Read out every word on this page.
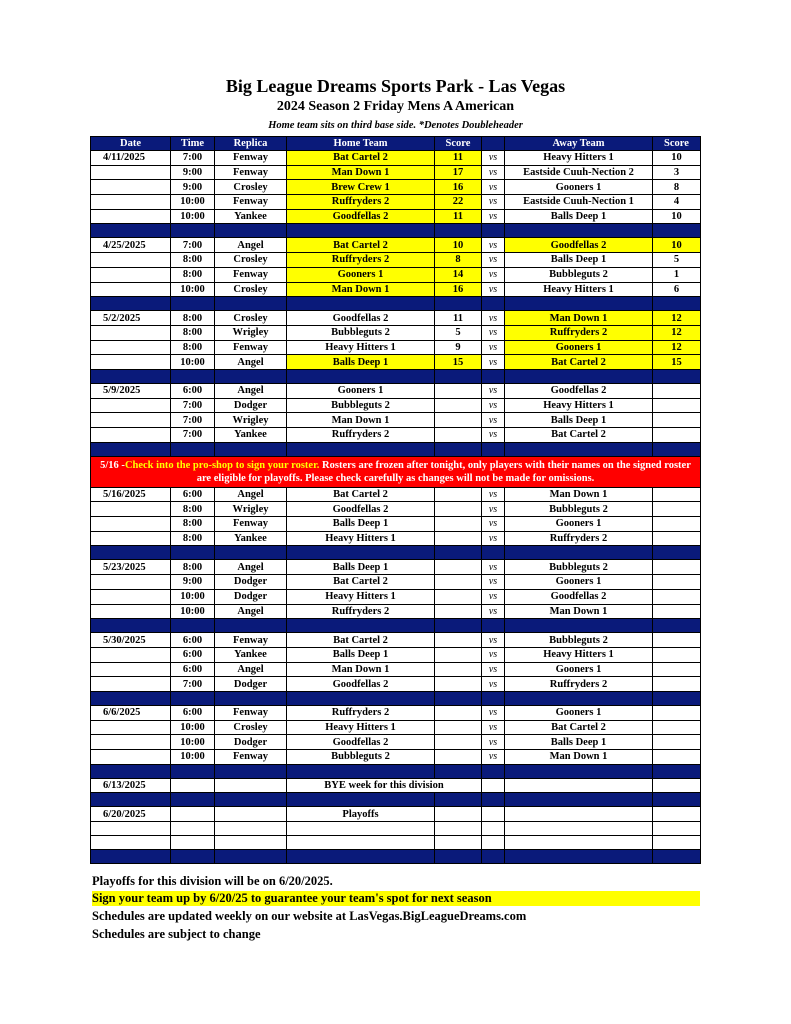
Big League Dreams Sports Park - Las Vegas
2024 Season 2 Friday Mens A American
Home team sits on third base side. *Denotes Doubleheader
Date	Time	Replica	Home Team	Score		Away Team	Score
4/11/2025	7:00	Fenway	Bat Cartel 2	11	vs	Heavy Hitters 1	10
	9:00	Fenway	Man Down 1	17	vs	Eastside Cuuh-Nection 2	3
	9:00	Crosley	Brew Crew 1	16	vs	Gooners 1	8
	10:00	Fenway	Ruffryders 2	22	vs	Eastside Cuuh-Nection 1	4
	10:00	Yankee	Goodfellas 2	11	vs	Balls Deep 1	10

4/25/2025	7:00	Angel	Bat Cartel 2	10	vs	Goodfellas 2	10
	8:00	Crosley	Ruffryders 2	8	vs	Balls Deep 1	5
	8:00	Fenway	Gooners 1	14	vs	Bubbleguts 2	1
	10:00	Crosley	Man Down 1	16	vs	Heavy Hitters 1	6

5/2/2025	8:00	Crosley	Goodfellas 2	11	vs	Man Down 1	12
	8:00	Wrigley	Bubbleguts 2	5	vs	Ruffryders 2	12
	8:00	Fenway	Heavy Hitters 1	9	vs	Gooners 1	12
	10:00	Angel	Balls Deep 1	15	vs	Bat Cartel 2	15

5/9/2025	6:00	Angel	Gooners 1		vs	Goodfellas 2	
	7:00	Dodger	Bubbleguts 2		vs	Heavy Hitters 1	
	7:00	Wrigley	Man Down 1		vs	Balls Deep 1	
	7:00	Yankee	Ruffryders 2		vs	Bat Cartel 2	

5/16 -Check into the pro-shop to sign your roster. Rosters are frozen after tonight, only players with their names on the signed roster are eligible for playoffs. Please check carefully as changes will not be made for omissions.							
5/16/2025	6:00	Angel	Bat Cartel 2		vs	Man Down 1	
	8:00	Wrigley	Goodfellas 2		vs	Bubbleguts 2	
	8:00	Fenway	Balls Deep 1		vs	Gooners 1	
	8:00	Yankee	Heavy Hitters 1		vs	Ruffryders 2	

5/23/2025	8:00	Angel	Balls Deep 1		vs	Bubbleguts 2	
	9:00	Dodger	Bat Cartel 2		vs	Gooners 1	
	10:00	Dodger	Heavy Hitters 1		vs	Goodfellas 2	
	10:00	Angel	Ruffryders 2		vs	Man Down 1	

5/30/2025	6:00	Fenway	Bat Cartel 2		vs	Bubbleguts 2	
	6:00	Yankee	Balls Deep 1		vs	Heavy Hitters 1	
	6:00	Angel	Man Down 1		vs	Gooners 1	
	7:00	Dodger	Goodfellas 2		vs	Ruffryders 2	

6/6/2025	6:00	Fenway	Ruffryders 2		vs	Gooners 1	
	10:00	Crosley	Heavy Hitters 1		vs	Bat Cartel 2	
	10:00	Dodger	Goodfellas 2		vs	Balls Deep 1	
	10:00	Fenway	Bubbleguts 2		vs	Man Down 1	

6/13/2025			BYE week for this division				

6/20/2025			Playoffs				

Playoffs for this division will be on 6/20/2025.
Sign your team up by 6/20/25 to guarantee your team's spot for next season
Schedules are updated weekly on our website at LasVegas.BigLeagueDreams.com
Schedules are subject to change
